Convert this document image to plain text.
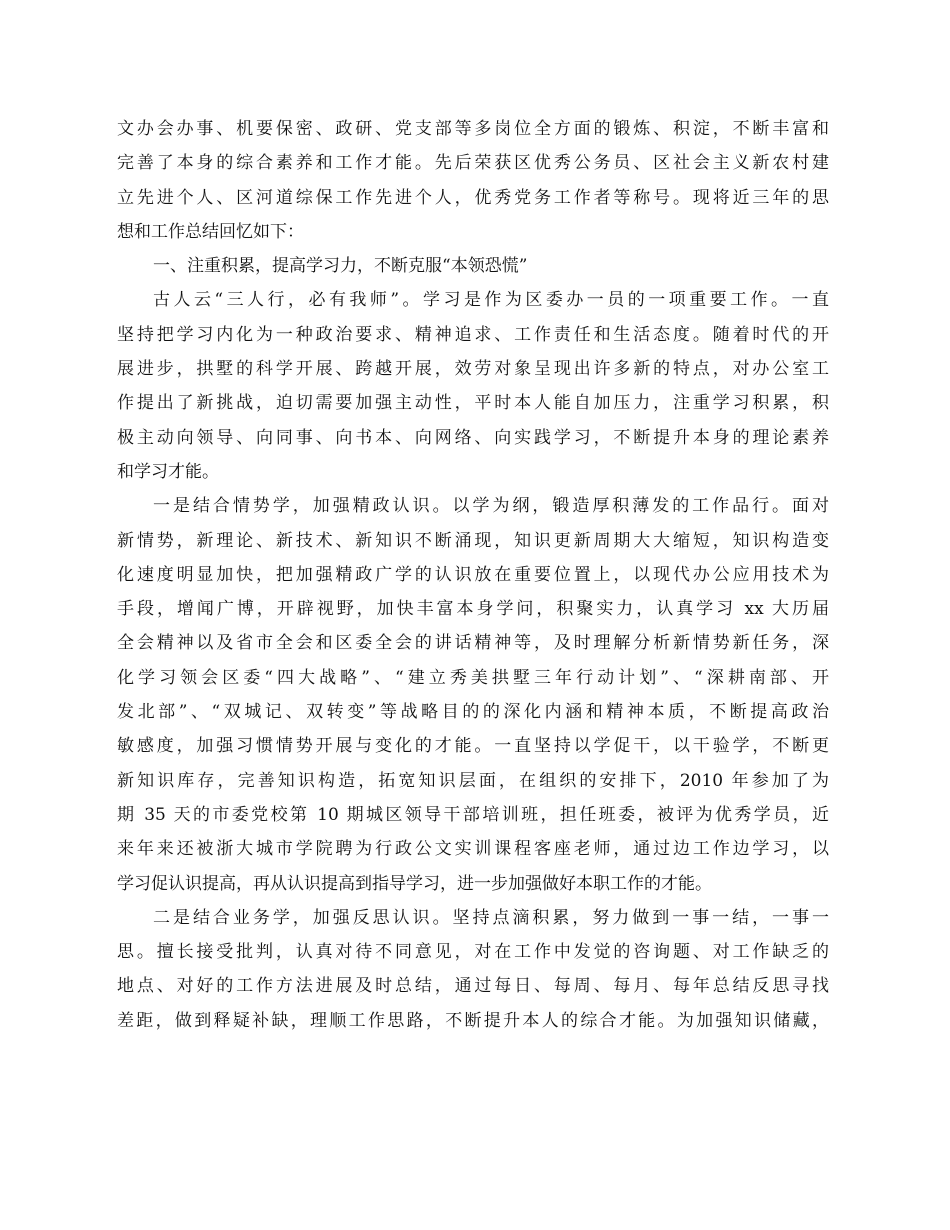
文办会办事、机要保密、政研、党支部等多岗位全方面的锻炼、积淀，不断丰富和
完善了本身的综合素养和工作才能。先后荣获区优秀公务员、区社会主义新农村建
立先进个人、区河道综保工作先进个人，优秀党务工作者等称号。现将近三年的思
想和工作总结回忆如下：
一、注重积累，提高学习力，不断克服“本领恐慌”
古人云“三人行，必有我师”。学习是作为区委办一员的一项重要工作。一直
坚持把学习内化为一种政治要求、精神追求、工作责任和生活态度。随着时代的开
展进步，拱墅的科学开展、跨越开展，效劳对象呈现出许多新的特点，对办公室工
作提出了新挑战，迫切需要加强主动性，平时本人能自加压力，注重学习积累，积
极主动向领导、向同事、向书本、向网络、向实践学习，不断提升本身的理论素养
和学习才能。
一是结合情势学，加强精政认识。以学为纲，锻造厚积薄发的工作品行。面对
新情势，新理论、新技术、新知识不断涌现，知识更新周期大大缩短，知识构造变
化速度明显加快，把加强精政广学的认识放在重要位置上，以现代办公应用技术为
手段，增闻广博，开辟视野，加快丰富本身学问，积聚实力，认真学习 xx 大历届
全会精神以及省市全会和区委全会的讲话精神等，及时理解分析新情势新任务，深
化学习领会区委“四大战略”、“建立秀美拱墅三年行动计划”、“深耕南部、开
发北部”、“双城记、双转变”等战略目的的深化内涵和精神本质，不断提高政治
敏感度，加强习惯情势开展与变化的才能。一直坚持以学促干，以干验学，不断更
新知识库存，完善知识构造，拓宽知识层面，在组织的安排下，2010 年参加了为
期 35 天的市委党校第 10 期城区领导干部培训班，担任班委，被评为优秀学员，近
来年来还被浙大城市学院聘为行政公文实训课程客座老师，通过边工作边学习，以
学习促认识提高，再从认识提高到指导学习，进一步加强做好本职工作的才能。
二是结合业务学，加强反思认识。坚持点滴积累，努力做到一事一结，一事一
思。擅长接受批判，认真对待不同意见，对在工作中发觉的咨询题、对工作缺乏的
地点、对好的工作方法进展及时总结，通过每日、每周、每月、每年总结反思寻找
差距，做到释疑补缺，理顺工作思路，不断提升本人的综合才能。为加强知识储藏，
